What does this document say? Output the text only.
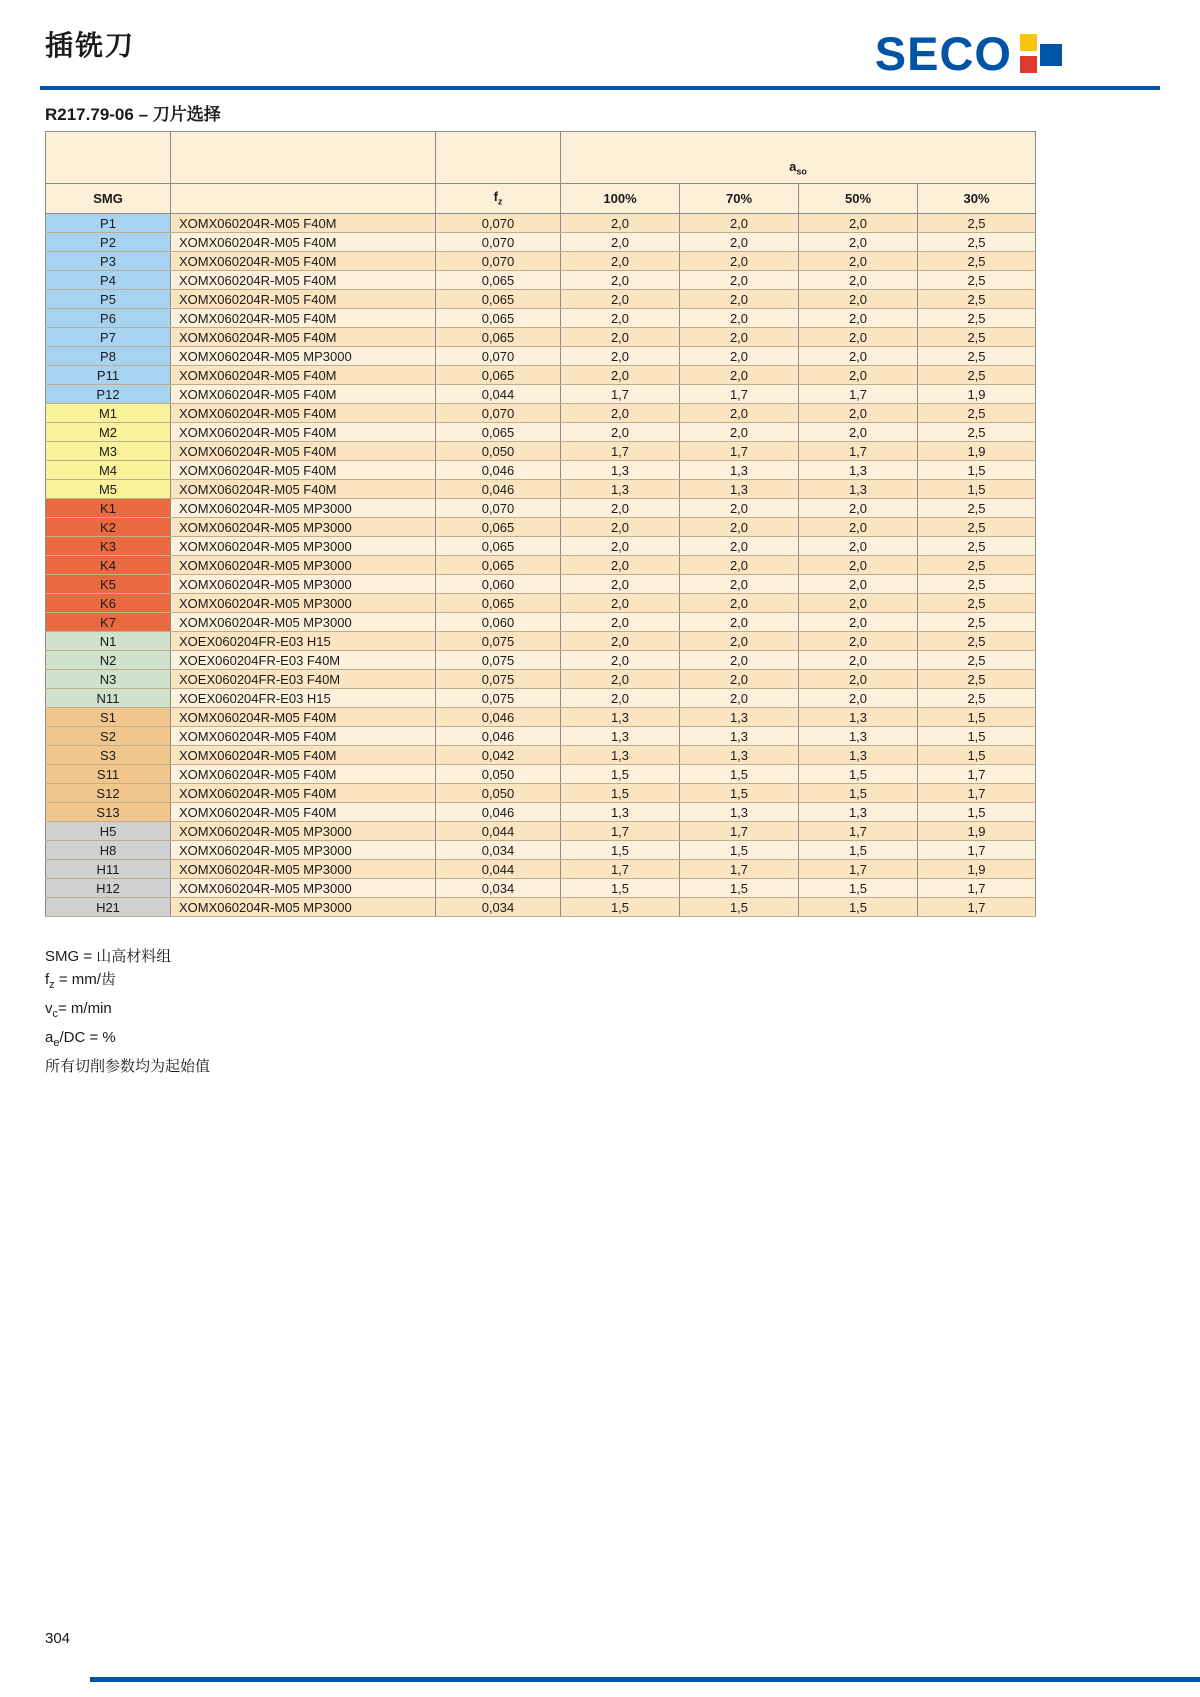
插铣刀	SECO
R217.79-06 – 刀片选择
			$a_{so}$
SMG		$f_z$	100%	70%	50%	30%
P1	XOMX060204R-M05 F40M	0,070	2,0	2,0	2,0	2,5
P2	XOMX060204R-M05 F40M	0,070	2,0	2,0	2,0	2,5
P3	XOMX060204R-M05 F40M	0,070	2,0	2,0	2,0	2,5
P4	XOMX060204R-M05 F40M	0,065	2,0	2,0	2,0	2,5
P5	XOMX060204R-M05 F40M	0,065	2,0	2,0	2,0	2,5
P6	XOMX060204R-M05 F40M	0,065	2,0	2,0	2,0	2,5
P7	XOMX060204R-M05 F40M	0,065	2,0	2,0	2,0	2,5
P8	XOMX060204R-M05 MP3000	0,070	2,0	2,0	2,0	2,5
P11	XOMX060204R-M05 F40M	0,065	2,0	2,0	2,0	2,5
P12	XOMX060204R-M05 F40M	0,044	1,7	1,7	1,7	1,9
M1	XOMX060204R-M05 F40M	0,070	2,0	2,0	2,0	2,5
M2	XOMX060204R-M05 F40M	0,065	2,0	2,0	2,0	2,5
M3	XOMX060204R-M05 F40M	0,050	1,7	1,7	1,7	1,9
M4	XOMX060204R-M05 F40M	0,046	1,3	1,3	1,3	1,5
M5	XOMX060204R-M05 F40M	0,046	1,3	1,3	1,3	1,5
K1	XOMX060204R-M05 MP3000	0,070	2,0	2,0	2,0	2,5
K2	XOMX060204R-M05 MP3000	0,065	2,0	2,0	2,0	2,5
K3	XOMX060204R-M05 MP3000	0,065	2,0	2,0	2,0	2,5
K4	XOMX060204R-M05 MP3000	0,065	2,0	2,0	2,0	2,5
K5	XOMX060204R-M05 MP3000	0,060	2,0	2,0	2,0	2,5
K6	XOMX060204R-M05 MP3000	0,065	2,0	2,0	2,0	2,5
K7	XOMX060204R-M05 MP3000	0,060	2,0	2,0	2,0	2,5
N1	XOEX060204FR-E03 H15	0,075	2,0	2,0	2,0	2,5
N2	XOEX060204FR-E03 F40M	0,075	2,0	2,0	2,0	2,5
N3	XOEX060204FR-E03 F40M	0,075	2,0	2,0	2,0	2,5
N11	XOEX060204FR-E03 H15	0,075	2,0	2,0	2,0	2,5
S1	XOMX060204R-M05 F40M	0,046	1,3	1,3	1,3	1,5
S2	XOMX060204R-M05 F40M	0,046	1,3	1,3	1,3	1,5
S3	XOMX060204R-M05 F40M	0,042	1,3	1,3	1,3	1,5
S11	XOMX060204R-M05 F40M	0,050	1,5	1,5	1,5	1,7
S12	XOMX060204R-M05 F40M	0,050	1,5	1,5	1,5	1,7
S13	XOMX060204R-M05 F40M	0,046	1,3	1,3	1,3	1,5
H5	XOMX060204R-M05 MP3000	0,044	1,7	1,7	1,7	1,9
H8	XOMX060204R-M05 MP3000	0,034	1,5	1,5	1,5	1,7
H11	XOMX060204R-M05 MP3000	0,044	1,7	1,7	1,7	1,9
H12	XOMX060204R-M05 MP3000	0,034	1,5	1,5	1,5	1,7
H21	XOMX060204R-M05 MP3000	0,034	1,5	1,5	1,5	1,7
SMG = 山高材料组
$f_z = mm/$齿
$v_c= m/\min$
$a_e/DC$ = %
所有切削参数均为起始值
304
